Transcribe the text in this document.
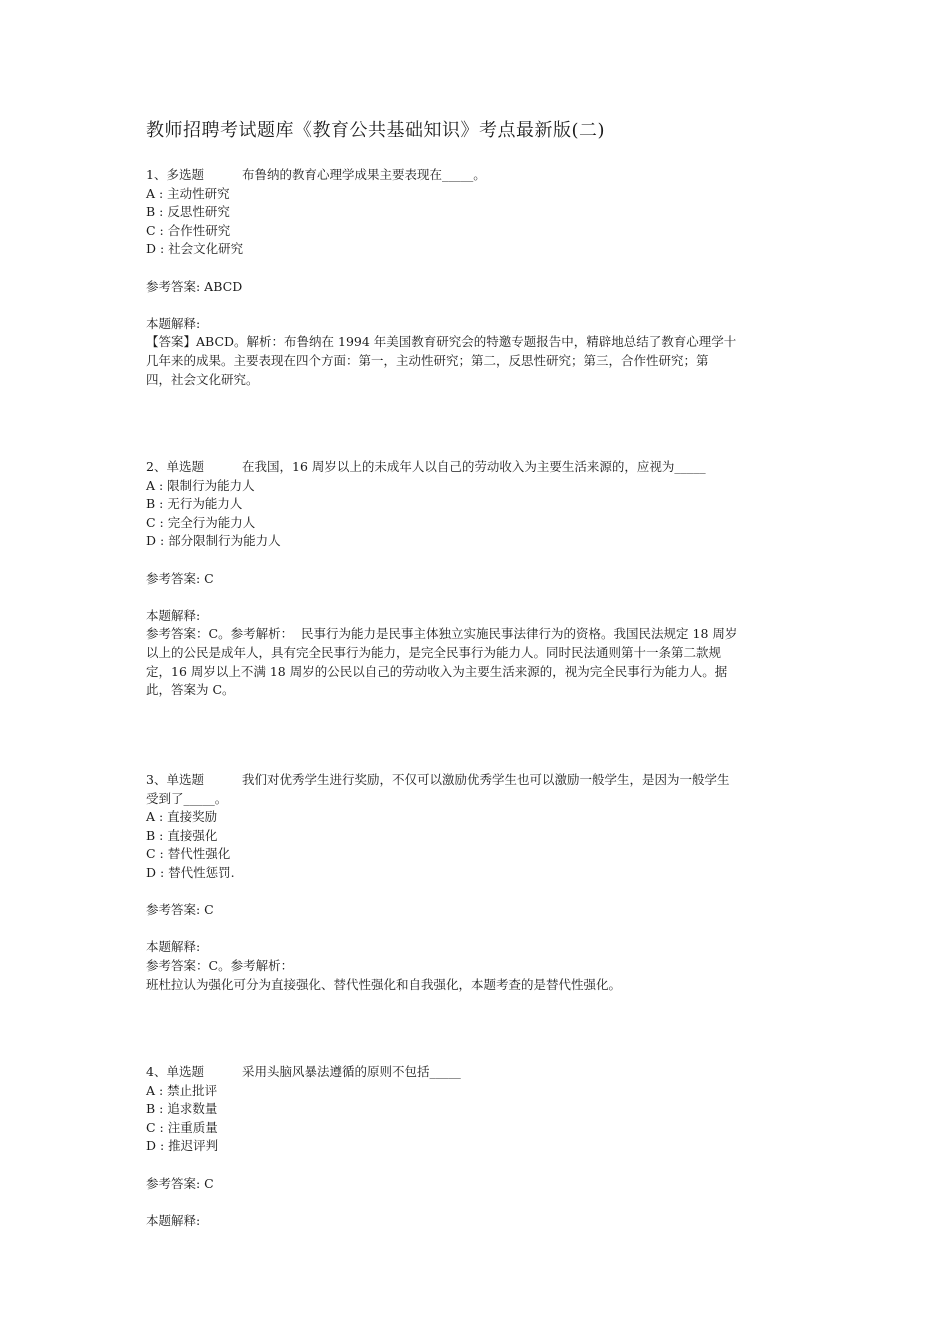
教师招聘考试题库《教育公共基础知识》考点最新版(二)
1、多选题	布鲁纳的教育心理学成果主要表现在_____。
A : 主动性研究
B : 反思性研究
C : 合作性研究
D : 社会文化研究
参考答案: ABCD
本题解释:
【答案】ABCD。解析：布鲁纳在 1994 年美国教育研究会的特邀专题报告中，精辟地总结了教育心理学十
几年来的成果。主要表现在四个方面：第一，主动性研究；第二，反思性研究；第三，合作性研究；第
四，社会文化研究。
2、单选题	在我国，16 周岁以上的未成年人以自己的劳动收入为主要生活来源的，应视为_____
A : 限制行为能力人
B : 无行为能力人
C : 完全行为能力人
D : 部分限制行为能力人
参考答案: C
本题解释:
参考答案：C。参考解析：  民事行为能力是民事主体独立实施民事法律行为的资格。我国民法规定 18 周岁
以上的公民是成年人，具有完全民事行为能力，是完全民事行为能力人。同时民法通则第十一条第二款规
定，16 周岁以上不满 18 周岁的公民以自己的劳动收入为主要生活来源的，视为完全民事行为能力人。据
此，答案为 C。
3、单选题	我们对优秀学生进行奖励，不仅可以激励优秀学生也可以激励一般学生，是因为一般学生
受到了_____。
A : 直接奖励
B : 直接强化
C : 替代性强化
D : 替代性惩罚.
参考答案: C
本题解释:
参考答案：C。参考解析：
班杜拉认为强化可分为直接强化、替代性强化和自我强化，本题考查的是替代性强化。
4、单选题	采用头脑风暴法遵循的原则不包括_____
A : 禁止批评
B : 追求数量
C : 注重质量
D : 推迟评判
参考答案: C
本题解释:
